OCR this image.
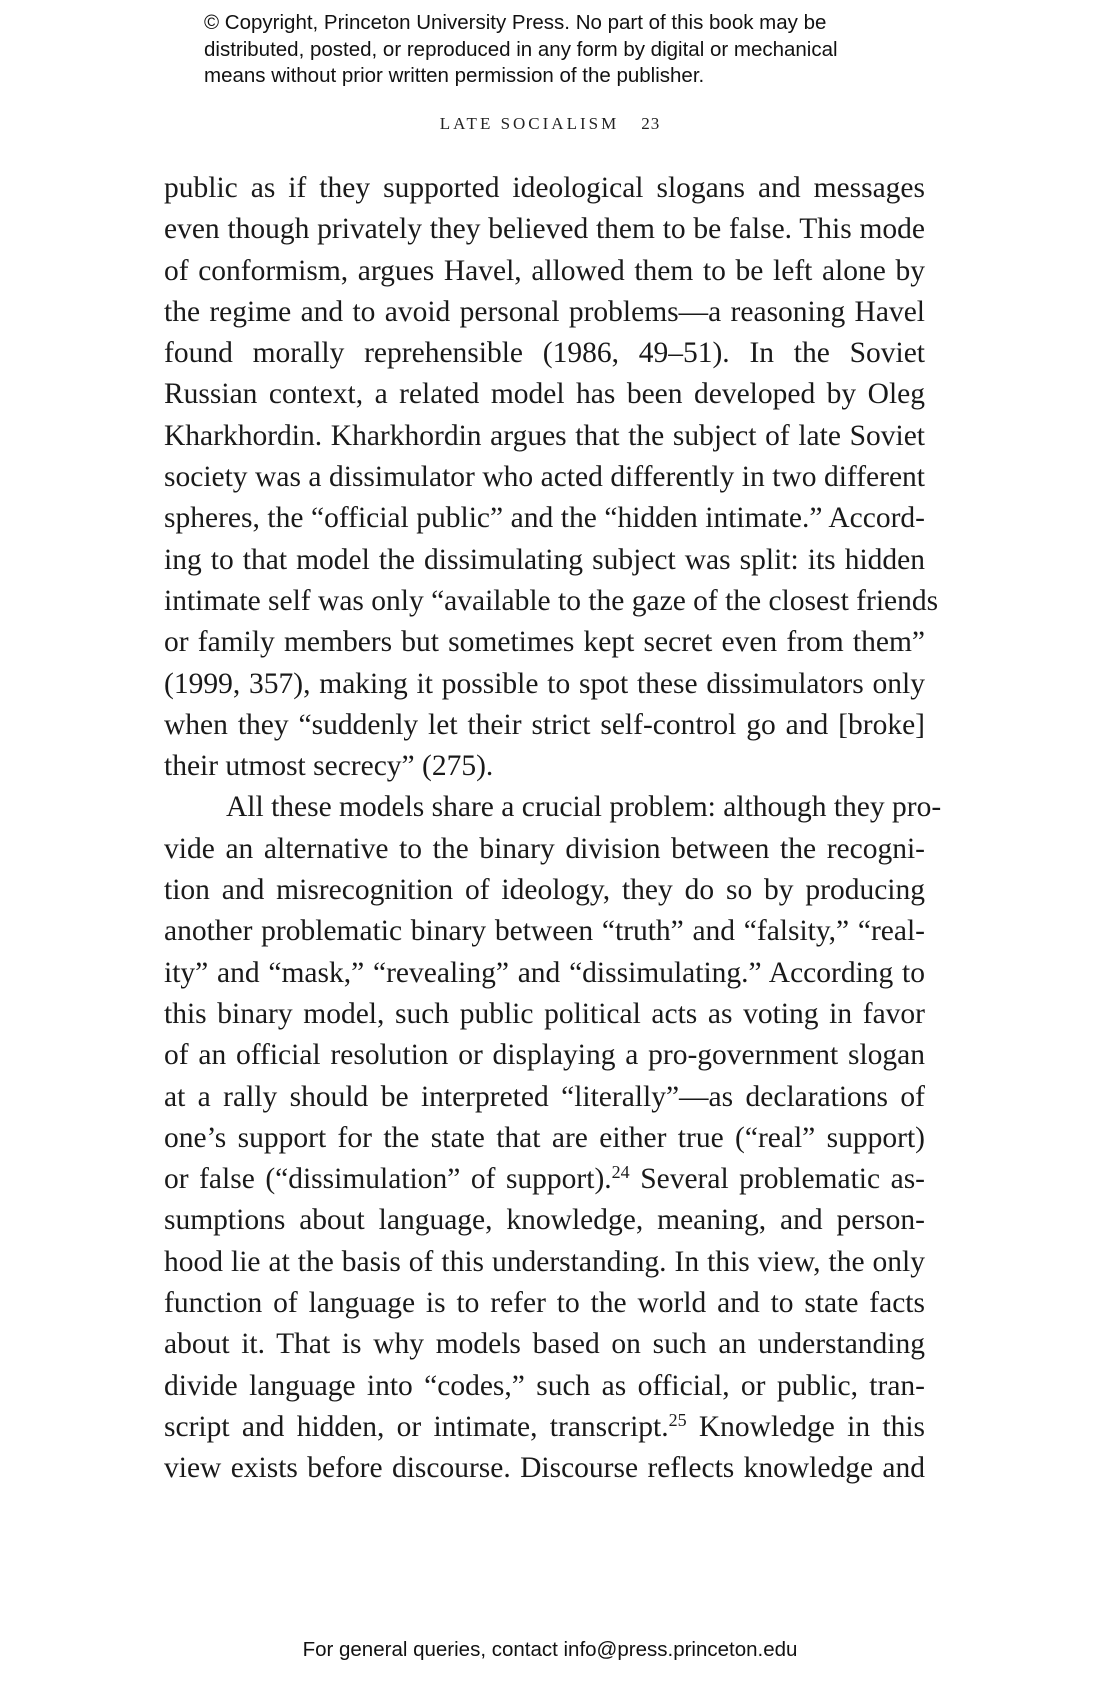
© Copyright, Princeton University Press. No part of this book may be
distributed, posted, or reproduced in any form by digital or mechanical
means without prior written permission of the publisher.
LATE SOCIALISM 23
public as if they supported ideological slogans and messages
even though privately they believed them to be false. This mode
of conformism, argues Havel, allowed them to be left alone by
the regime and to avoid personal problems—a reasoning Havel
found morally reprehensible (1986, 49–51). In the Soviet
Russian context, a related model has been developed by Oleg
Kharkhordin. Kharkhordin argues that the subject of late Soviet
society was a dissimulator who acted differently in two different
spheres, the “official public” and the “hidden intimate.” Accord-
ing to that model the dissimulating subject was split: its hidden
intimate self was only “available to the gaze of the closest friends
or family members but sometimes kept secret even from them”
(1999, 357), making it possible to spot these dissimulators only
when they “suddenly let their strict self-control go and [broke]
their utmost secrecy” (275).
All these models share a crucial problem: although they pro-
vide an alternative to the binary division between the recogni-
tion and misrecognition of ideology, they do so by producing
another problematic binary between “truth” and “falsity,” “real-
ity” and “mask,” “revealing” and “dissimulating.” According to
this binary model, such public political acts as voting in favor
of an official resolution or displaying a pro-government slogan
at a rally should be interpreted “literally”—as declarations of
one’s support for the state that are either true (“real” support)
or false (“dissimulation” of support).$^{24}$ Several problematic as-
sumptions about language, knowledge, meaning, and person-
hood lie at the basis of this understanding. In this view, the only
function of language is to refer to the world and to state facts
about it. That is why models based on such an understanding
divide language into “codes,” such as official, or public, tran-
script and hidden, or intimate, transcript.$^{25}$ Knowledge in this
view exists before discourse. Discourse reflects knowledge and
For general queries, contact info@press.princeton.edu
